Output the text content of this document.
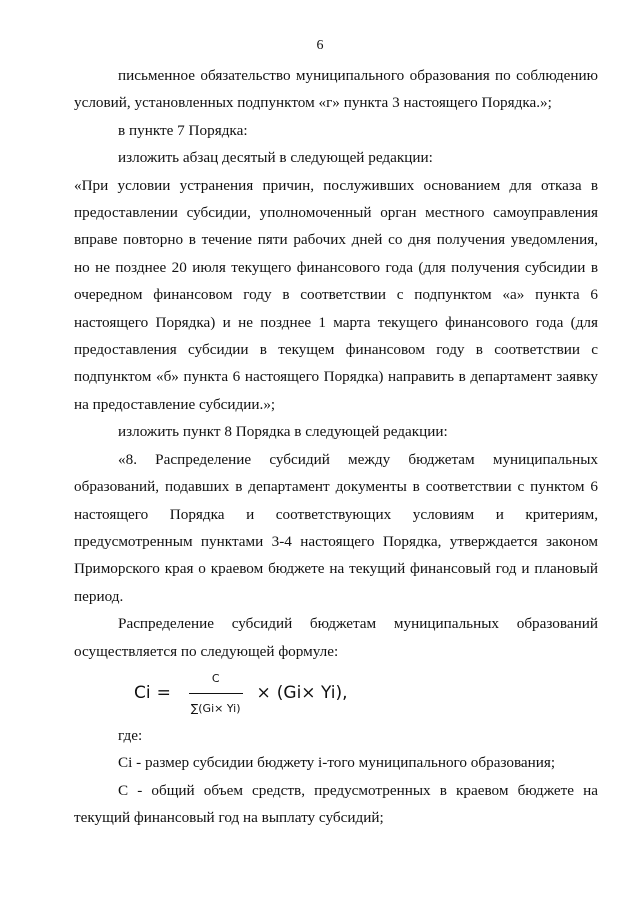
6

письменное обязательство муниципального образования по соблюдению условий, установленных подпунктом «г» пункта 3 настоящего Порядка.»;

в пункте 7 Порядка:

изложить абзац десятый в следующей редакции:

«При условии устранения причин, послуживших основанием для отказа в предоставлении субсидии, уполномоченный орган местного самоуправления вправе повторно в течение пяти рабочих дней со дня получения уведомления, но не позднее 20 июля текущего финансового года (для получения субсидии в очередном финансовом году в соответствии с подпунктом «а» пункта 6 настоящего Порядка) и не позднее 1 марта текущего финансового года (для предоставления субсидии в текущем финансовом году в соответствии с подпунктом «б» пункта 6 настоящего Порядка) направить в департамент заявку на предоставление субсидии.»;

изложить пункт 8 Порядка в следующей редакции:

«8. Распределение субсидий между бюджетам муниципальных образований, подавших в департамент документы в соответствии с пунктом 6 настоящего Порядка и соответствующих условиям и критериям, предусмотренным пунктами 3-4 настоящего Порядка, утверждается законом Приморского края о краевом бюджете на текущий финансовый год и плановый период.

Распределение субсидий бюджетам муниципальных образований осуществляется по следующей формуле:

$Ci = \frac{C}{\sum(Gi\times Yi)} \times (Gi\times Yi)$,

где:

Ci - размер субсидии бюджету i-того муниципального образования;

C - общий объем средств, предусмотренных в краевом бюджете на текущий финансовый год на выплату субсидий;
